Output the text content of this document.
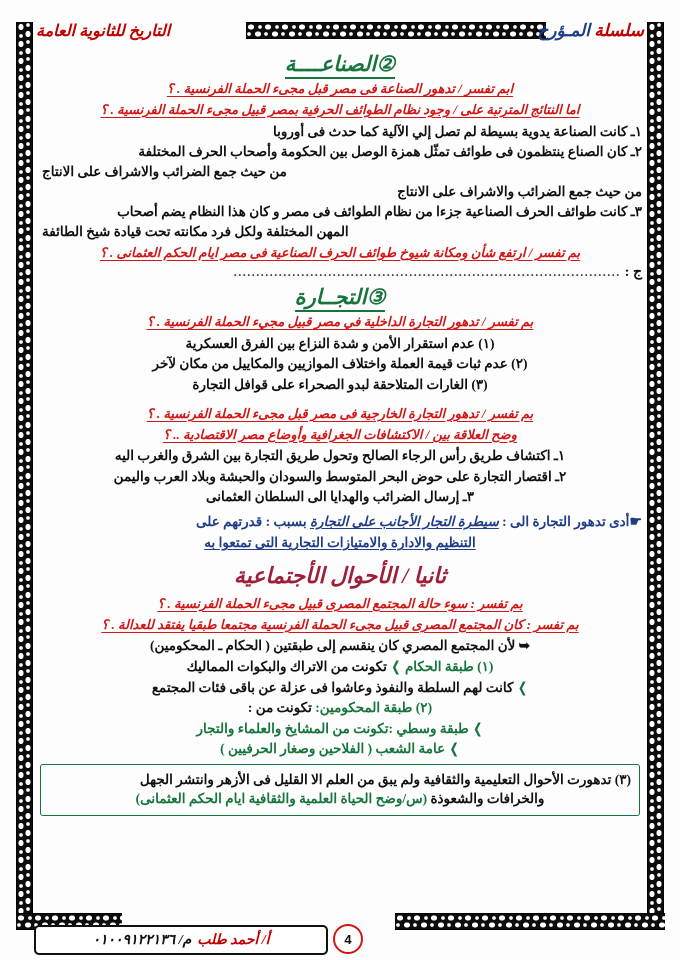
سلسلة المـؤرخ
التاريخ للثانوية العامة
②الصناعــــة
ابم تفسر / تدهور الصناعة فى مصر قبل مجىء الحملة الفرنسية . ؟
اما النتائج المترتبة على / وجود نظام الطوائف الحرفية بمصر قبيل مجىء الحملة الفرنسية . ؟
١ـ كانت الصناعة يدوية بسيطة لم تصل إلي الآلية كما حدث فى أوروبا
٢ـ كان الصناع ينتظمون فى طوائف تمثّل همزة الوصل بين الحكومة وأصحاب الحرف المختلفة
من حيث جمع الضرائب والاشراف على الانتاج
من حيث جمع الضرائب والاشراف على الانتاج
٣ـ كانت طوائف الحرف الصناعية جزءا من نظام الطوائف فى مصر و كان هذا النظام يضم أصحاب
المهن المختلفة ولكل فرد مكانته تحت قيادة شيخ الطائفة
بم تفسر / ارتفع شأن ومكانة شيوخ طوائف الحرف الصناعية فى مصر ايام الحكم العثمانى . ؟
ج :
......................................................................................
③التجــارة
بم تفسر / تدهور التجارة الداخلية في مصر قبيل مجيء الحملة الفرنسية . ؟
(١) عدم استقرار الأمن و شدة النزاع بين الفرق العسكرية
(٢) عدم ثبات قيمة العملة واختلاف الموازيين والمكاييل من مكان لآخر
(٣) الغارات المتلاحقة لبدو الصحراء على قوافل التجارة
بم تفسر / تدهور التجارة الخارجية فى مصر قبل مجىء الحملة الفرنسية . ؟
وضح العلاقة بين / الاكتشافات الجغرافية وأوضاع مصر الاقتصادية .. ؟
١ـ اكتشاف طريق رأس الرجاء الصالح وتحول طريق التجارة بين الشرق والغرب اليه
٢ـ اقتصار التجارة على حوض البحر المتوسط والسودان والحبشة وبلاد العرب واليمن
٣ـ إرسال الضرائب والهدايا الى السلطان العثمانى
☛أدى تدهور التجارة الى : سيطرة التجار الأجانب على التجارة بسبب : قدرتهم على
التنظيم والادارة والامتيازات التجارية التى تمتعوا به
ثانيا / الأحوال الأجتماعية
بم تفسر : سوء حالة المجتمع المصرى قبيل مجىء الحملة الفرنسية . ؟
بم تفسر : كان المجتمع المصرى قبيل مجىء الحملة الفرنسية مجتمعا طبقيا يفتقد للعدالة . ؟
➥ لأن المجتمع المصري كان ينقسم إلى طبقتين ( الحكام ـ المحكومين)
(١) طبقة الحكام ❭ تكونت من الاتراك والبكوات المماليك
❭ كانت لهم السلطة والنفوذ وعاشوا فى عزلة عن باقى فئات المجتمع
(٢) طبقة المحكومين: تكونت من :
❭ طبقة وسطي :تكونت من المشايخ والعلماء والتجار
❭ عامة الشعب ( الفلاحين وصغار الحرفيين )
(٣) تدهورت الأحوال التعليمية والثقافية ولم يبق من العلم الا القليل فى الأزهر وانتشر الجهل
والخرافات والشعوذة (س/وضح الحياة العلمية والثقافية ايام الحكم العثمانى)
أ/ أحمد طلب
م/ ٠١٠٠٩١٢٢١٣٦	4
